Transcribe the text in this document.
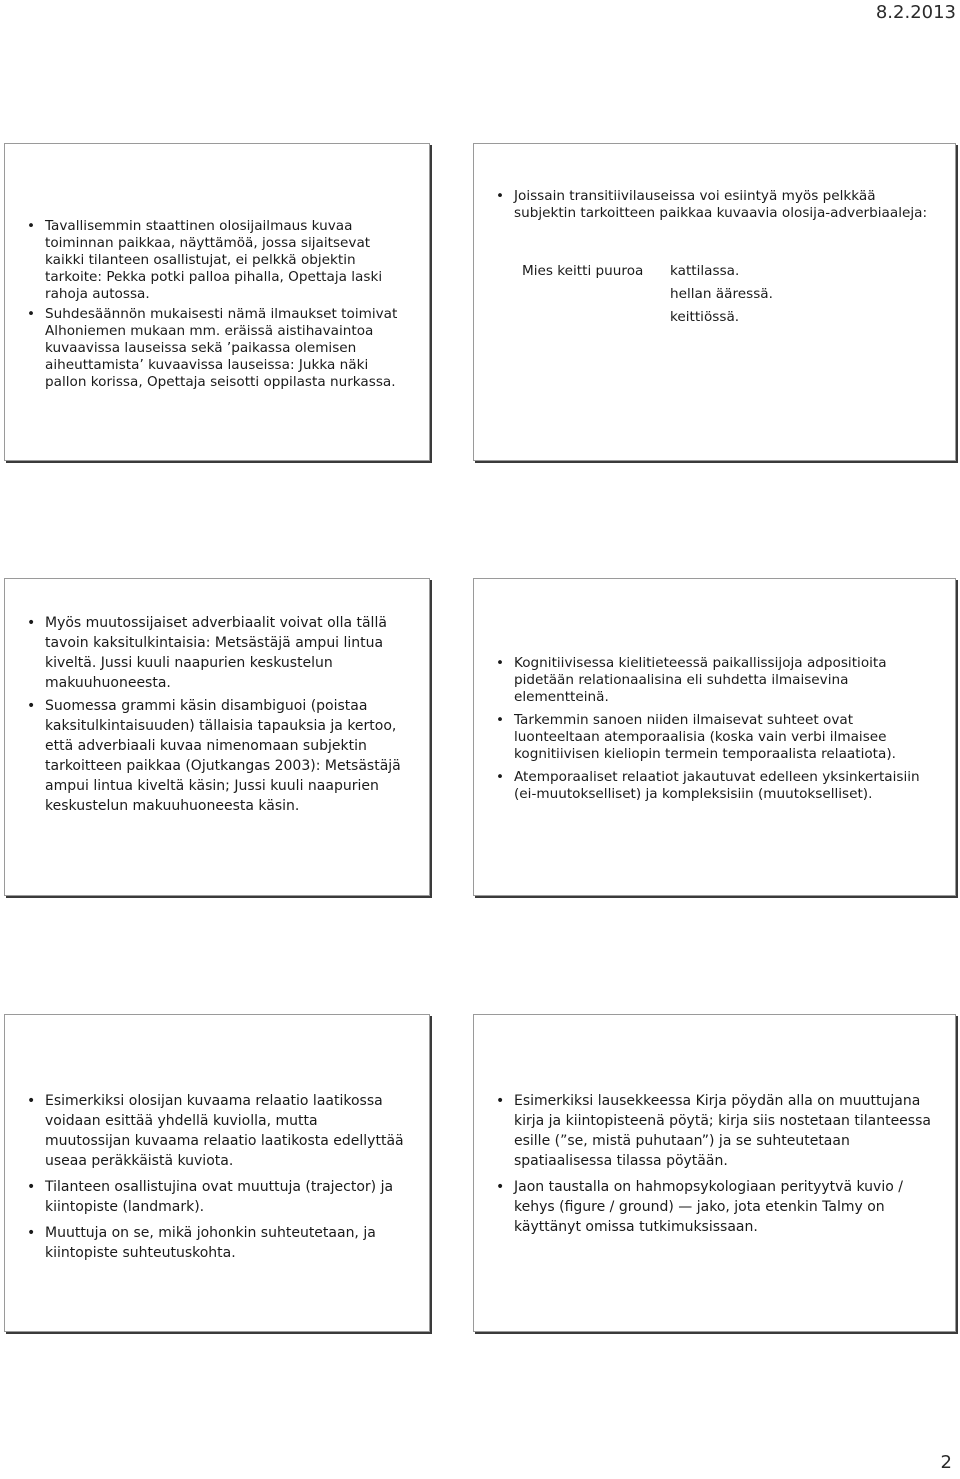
8.2.2013
• Tavallisemmin staattinen olosijailmaus kuvaa toiminnan paikkaa, näyttämöä, jossa sijaitsevat kaikki tilanteen osallistujat, ei pelkkä objektin tarkoite: Pekka potki palloa pihalla, Opettaja laski rahoja autossa.
• Suhdesäännön mukaisesti nämä ilmaukset toimivat Alhoniemen mukaan mm. eräissä aistihavaintoa kuvaavissa lauseissa sekä ’paikassa olemisen aiheuttamista’ kuvaavissa lauseissa: Jukka näki pallon korissa, Opettaja seisotti oppilasta nurkassa.
• Joissain transitiivilauseissa voi esiintyä myös pelkkää subjektin tarkoitteen paikkaa kuvaavia olosija-adverbiaaleja:
Mies keitti puuroa kattilassa.
hellan ääressä.
keittiössä.
• Myös muutossijaiset adverbiaalit voivat olla tällä tavoin kaksitulkintaisia: Metsästäjä ampui lintua kiveltä. Jussi kuuli naapurien keskustelun makuuhuoneesta.
• Suomessa grammi käsin disambiguoi (poistaa kaksitulkintaisuuden) tällaisia tapauksia ja kertoo, että adverbiaali kuvaa nimenomaan subjektin tarkoitteen paikkaa (Ojutkangas 2003): Metsästäjä ampui lintua kiveltä käsin; Jussi kuuli naapurien keskustelun makuuhuoneesta käsin.
• Kognitiivisessa kielitieteessä paikallissijoja adpositioita pidetään relationaalisina eli suhdetta ilmaisevina elementteinä.
• Tarkemmin sanoen niiden ilmaisevat suhteet ovat luonteeltaan atemporaalisia (koska vain verbi ilmaisee kognitiivisen kieliopin termein temporaalista relaatiota).
• Atemporaaliset relaatiot jakautuvat edelleen yksinkertaisiin (ei-muutokselliset) ja kompleksisiin (muutokselliset).
• Esimerkiksi olosijan kuvaama relaatio laatikossa voidaan esittää yhdellä kuviolla, mutta muutossijan kuvaama relaatio laatikosta edellyttää useaa peräkkäistä kuviota.
• Tilanteen osallistujina ovat muuttuja (trajector) ja kiintopiste (landmark).
• Muuttuja on se, mikä johonkin suhteutetaan, ja kiintopiste suhteutuskohta.
• Esimerkiksi lausekkeessa Kirja pöydän alla on muuttujana kirja ja kiintopisteenä pöytä; kirja siis nostetaan tilanteessa esille (”se, mistä puhutaan”) ja se suhteutetaan spatiaalisessa tilassa pöytään.
• Jaon taustalla on hahmopsykologiaan perityytvä kuvio / kehys (figure / ground) — jako, jota etenkin Talmy on käyttänyt omissa tutkimuksissaan.
2
